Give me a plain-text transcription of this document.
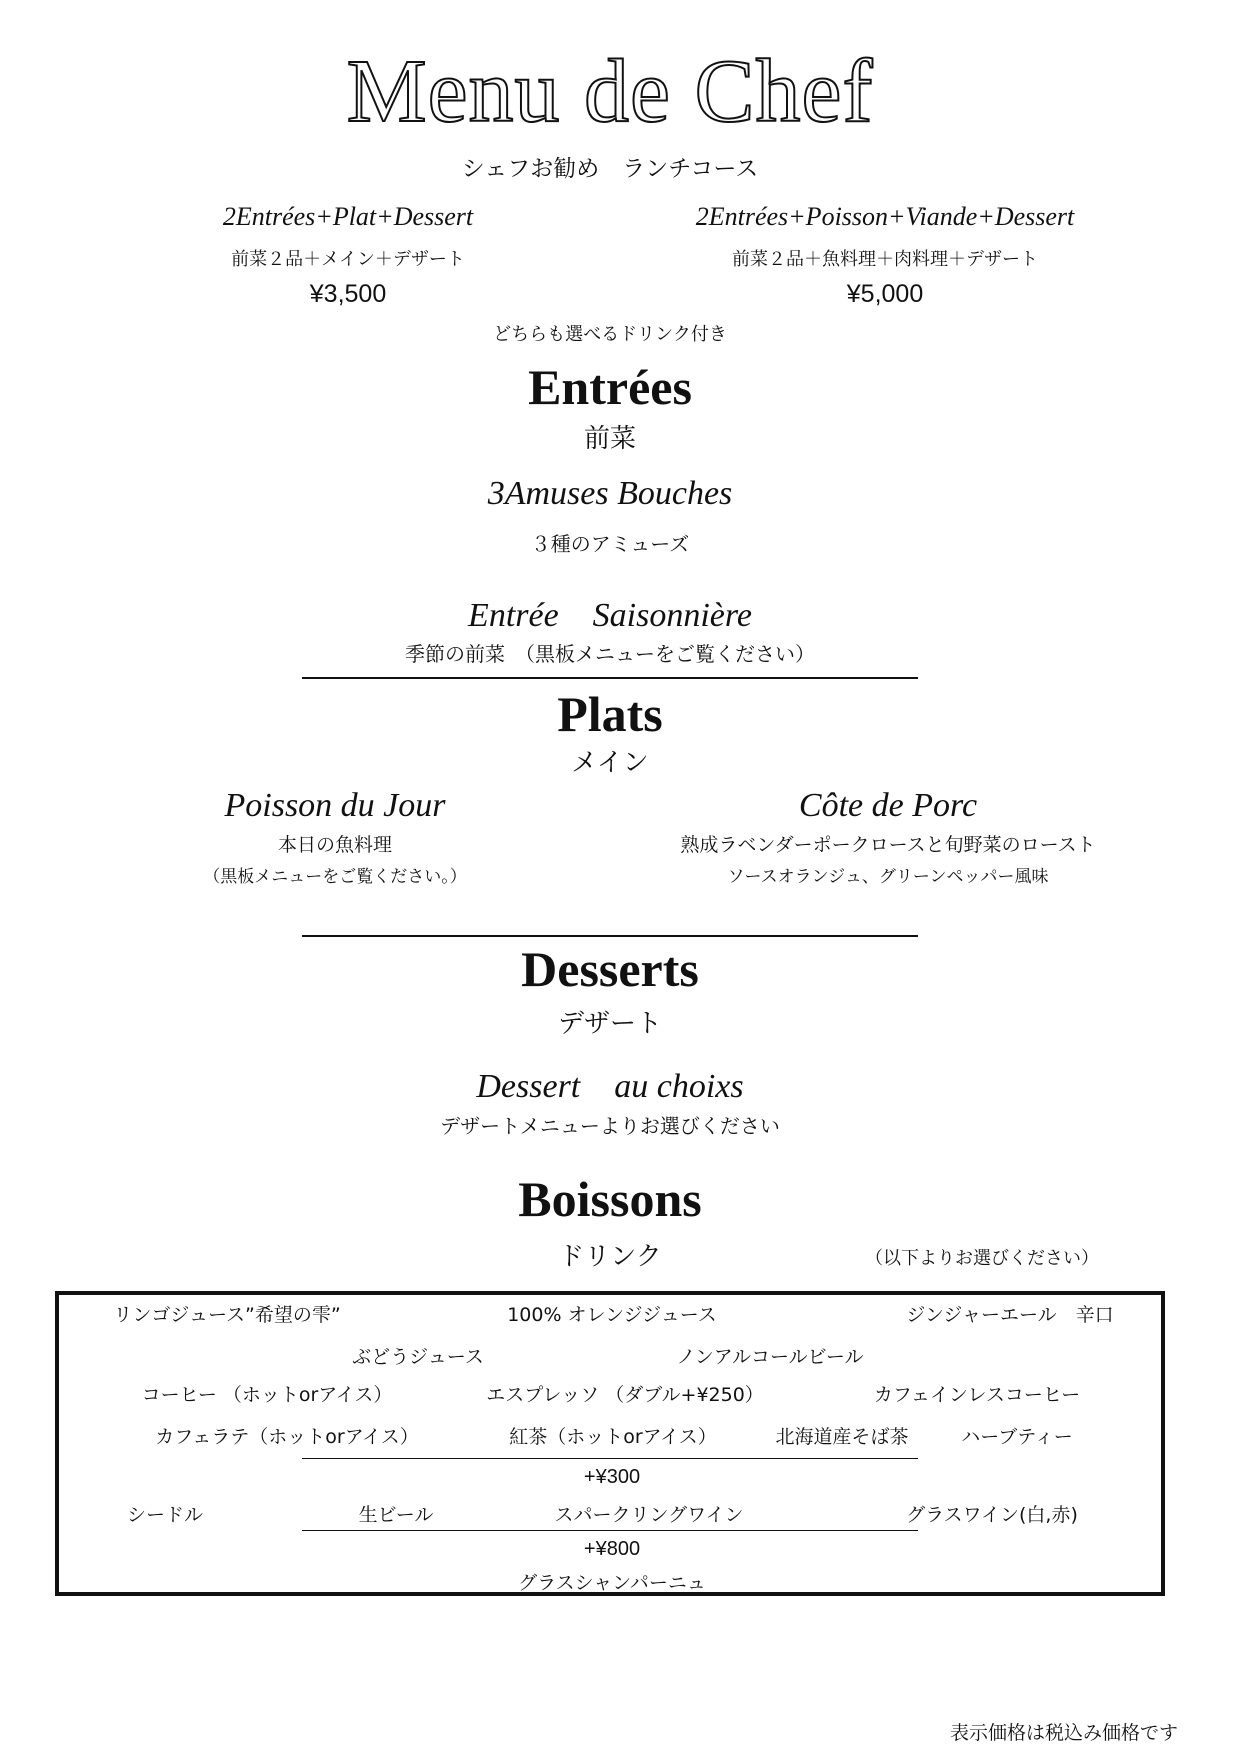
Menu de Chef
シェフお勧め　ランチコース
2Entrées+Plat+Dessert
前菜２品＋メイン＋デザート
¥3,500
2Entrées+Poisson+Viande+Dessert
前菜２品＋魚料理＋肉料理＋デザート
¥5,000
どちらも選べるドリンク付き
Entrées
前菜
3Amuses Bouches
３種のアミューズ
Entrée　Saisonnière
季節の前菜　（黒板メニューをご覧ください）
Plats
メイン
Poisson du Jour
本日の魚料理
（黒板メニューをご覧ください。）
Côte de Porc
熟成ラベンダーポークロースと旬野菜のロースト
ソースオランジュ、グリーンペッパー風味
Desserts
デザート
Dessert　au choixs
デザートメニューよりお選びください
Boissons
ドリンク	（以下よりお選びください）
リンゴジュース”希望の雫”	100% オレンジジュース	ジンジャーエール　辛口
ぶどうジュース	ノンアルコールビール
コーヒー （ホットorアイス）	エスプレッソ （ダブル+¥250）	カフェインレスコーヒー
カフェラテ（ホットorアイス）	紅茶（ホットorアイス）	北海道産そば茶	ハーブティー
+¥300
シードル	生ビール	スパークリングワイン	グラスワイン(白,赤)
+¥800
グラスシャンパーニュ
表示価格は税込み価格です
